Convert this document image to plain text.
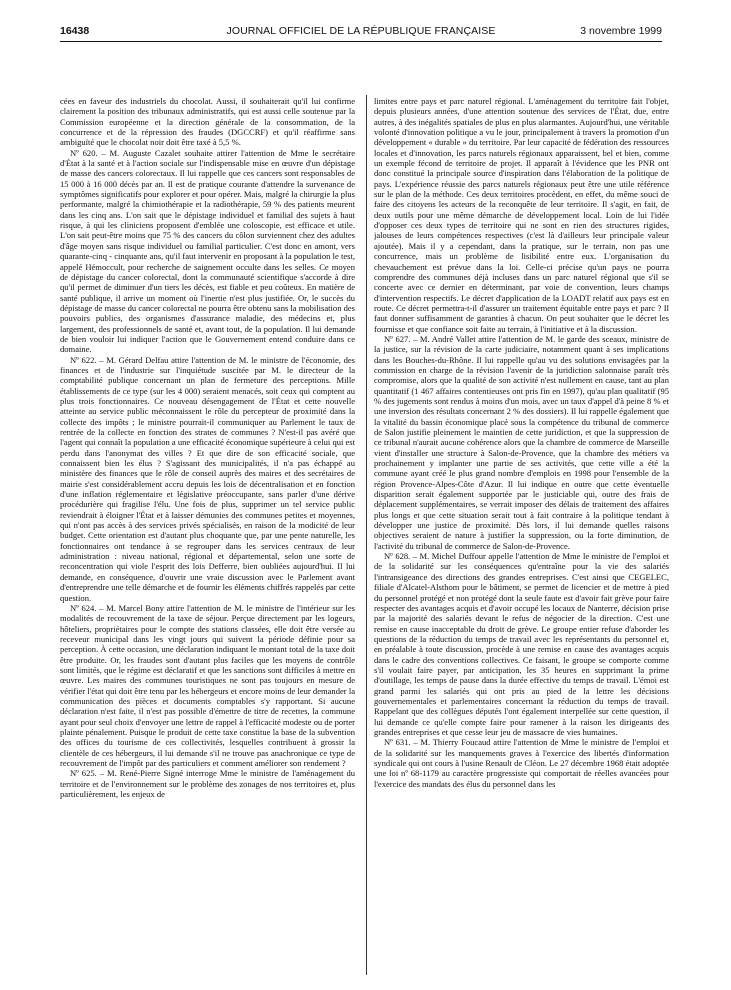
16438	JOURNAL OFFICIEL DE LA RÉPUBLIQUE FRANÇAISE	3 novembre 1999

cées en faveur des industriels du chocolat. Aussi, il souhaiterait qu'il lui confirme clairement la position des tribunaux administratifs, qui est aussi celle soutenue par la Commission européenne et la direction générale de la consommation, de la concurrence et de la répression des fraudes (DGCCRF) et qu'il réaffirme sans ambiguïté que le chocolat noir doit être taxé à 5,5 %.

Nº 620. – M. Auguste Cazalet souhaite attirer l'attention de Mme le secrétaire d'État à la santé et à l'action sociale sur l'indispensable mise en œuvre d'un dépistage de masse des cancers colorectaux. Il lui rappelle que ces cancers sont responsables de 15 000 à 16 000 décès par an. Il est de pratique courante d'attendre la survenance de symptômes significatifs pour explorer et pour opérer. Mais, malgré la chirurgie la plus performante, malgré la chimiothérapie et la radiothérapie, 59 % des patients meurent dans les cinq ans. L'on sait que le dépistage individuel et familial des sujets à haut risque, à qui les cliniciens proposent d'emblée une coloscopie, est efficace et utile. L'on sait peut-être moins que 75 % des cancers du côlon surviennent chez des adultes d'âge moyen sans risque individuel ou familial particulier. C'est donc en amont, vers quarante-cinq - cinquante ans, qu'il faut intervenir en proposant à la population le test, appelé Hémoccult, pour recherche de saignement occulte dans les selles. Ce moyen de dépistage du cancer colorectal, dont la communauté scientifique s'accorde à dire qu'il permet de diminuer d'un tiers les décès, est fiable et peu coûteux. En matière de santé publique, il arrive un moment où l'inertie n'est plus justifiée. Or, le succès du dépistage de masse du cancer colorectal ne pourra être obtenu sans la mobilisation des pouvoirs publics, des organismes d'assurance maladie, des médecins et, plus largement, des professionnels de santé et, avant tout, de la population. Il lui demande de bien vouloir lui indiquer l'action que le Gouvernement entend conduire dans ce domaine.

Nº 622. – M. Gérard Delfau attire l'attention de M. le ministre de l'économie, des finances et de l'industrie sur l'inquiétude suscitée par M. le directeur de la comptabilité publique concernant un plan de fermeture des perceptions. Mille établissements de ce type (sur les 4 000) seraient menacés, soit ceux qui comptent au plus trois fonctionnaires. Ce nouveau désengagement de l'État et cette nouvelle atteinte au service public méconnaissent le rôle du percepteur de proximité dans la collecte des impôts ; le ministre pourrait-il communiquer au Parlement le taux de rentrée de la collecte en fonction des strates de communes ? N'est-il pas avéré que l'agent qui connaît la population a une efficacité économique supérieure à celui qui est perdu dans l'anonymat des villes ? Et que dire de son efficacité sociale, que connaissent bien les élus ? S'agissant des municipalités, il n'a pas échappé au ministère des finances que le rôle de conseil auprès des maires et des secrétaires de mairie s'est considérablement accru depuis les lois de décentralisation et en fonction d'une inflation réglementaire et législative préoccupante, sans parler d'une dérive procédurière qui fragilise l'élu. Une fois de plus, supprimer un tel service public reviendrait à éloigner l'État et à laisser démunies des communes petites et moyennes, qui n'ont pas accès à des services privés spécialisés, en raison de la modicité de leur budget. Cette orientation est d'autant plus choquante que, par une pente naturelle, les fonctionnaires ont tendance à se regrouper dans les services centraux de leur administration : niveau national, régional et départemental, selon une sorte de reconcentration qui viole l'esprit des lois Defferre, bien oubliées aujourd'hui. Il lui demande, en conséquence, d'ouvrir une vraie discussion avec le Parlement avant d'entreprendre une telle démarche et de fournir les éléments chiffrés rappelés par cette question.

Nº 624. – M. Marcel Bony attire l'attention de M. le ministre de l'intérieur sur les modalités de recouvrement de la taxe de séjour. Perçue directement par les logeurs, hôteliers, propriétaires pour le compte des stations classées, elle doit être versée au receveur municipal dans les vingt jours qui suivent la période définie pour sa perception. À cette occasion, une déclaration indiquant le montant total de la taxe doit être produite. Or, les fraudes sont d'autant plus faciles que les moyens de contrôle sont limités, que le régime est déclaratif et que les sanctions sont difficiles à mettre en œuvre. Les maires des communes touristiques ne sont pas toujours en mesure de vérifier l'état qui doit être tenu par les hébergeurs et encore moins de leur demander la communication des pièces et documents comptables s'y rapportant. Si aucune déclaration n'est faite, il n'est pas possible d'émettre de titre de recettes, la commune ayant pour seul choix d'envoyer une lettre de rappel à l'efficacité modeste ou de porter plainte pénalement. Puisque le produit de cette taxe constitue la base de la subvention des offices du tourisme de ces collectivités, lesquelles contribuent à grossir la clientèle de ces hébergeurs, il lui demande s'il ne trouve pas anachronique ce type de recouvrement de l'impôt par des particuliers et comment améliorer son rendement ?

Nº 625. – M. René-Pierre Signé interroge Mme le ministre de l'aménagement du territoire et de l'environnement sur le problème des zonages de nos territoires et, plus particulièrement, les enjeux de

limites entre pays et parc naturel régional. L'aménagement du territoire fait l'objet, depuis plusieurs années, d'une attention soutenue des services de l'État, due, entre autres, à des inégalités spatiales de plus en plus alarmantes. Aujourd'hui, une véritable volonté d'innovation politique a vu le jour, principalement à travers la promotion d'un développement « durable » du territoire. Par leur capacité de fédération des ressources locales et d'innovation, les parcs naturels régionaux apparaissent, bel et bien, comme un exemple fécond de territoire de projet. Il apparaît à l'évidence que les PNR ont donc constitué la principale source d'inspiration dans l'élaboration de la politique de pays. L'expérience réussie des parcs naturels régionaux peut être une utile référence sur le plan de la méthode. Ces deux territoires procèdent, en effet, du même souci de faire des citoyens les acteurs de la reconquête de leur territoire. Il s'agit, en fait, de deux outils pour une même démarche de développement local. Loin de lui l'idée d'opposer ces deux types de territoire qui ne sont en rien des structures rigides, jalouses de leurs compétences respectives (c'est là d'ailleurs leur principale valeur ajoutée). Mais il y a cependant, dans la pratique, sur le terrain, non pas une concurrence, mais un problème de lisibilité entre eux. L'organisation du chevauchement est prévue dans la loi. Celle-ci précise qu'un pays ne pourra comprendre des communes déjà incluses dans un parc naturel régional que s'il se concerte avec ce dernier en déterminant, par voie de convention, leurs champs d'intervention respectifs. Le décret d'application de la LOADT relatif aux pays est en route. Ce décret permettra-t-il d'assurer un traitement équitable entre pays et parc ? Il faut donner suffisamment de garanties à chacun. On peut souhaiter que le décret les fournisse et que confiance soit faite au terrain, à l'initiative et à la discussion.

Nº 627. – M. André Vallet attire l'attention de M. le garde des sceaux, ministre de la justice, sur la révision de la carte judiciaire, notamment quant à ses implications dans les Bouches-du-Rhône. Il lui rappelle qu'au vu des solutions envisagées par la commission en charge de la révision l'avenir de la juridiction salonnaise paraît très compromise, alors que la qualité de son activité n'est nullement en cause, tant au plan quantitatif (1 467 affaires contentieuses ont pris fin en 1997), qu'au plan qualitatif (95 % des jugements sont rendus à moins d'un mois, avec un taux d'appel d'à peine 8 % et une inversion des résultats concernant 2 % des dossiers). Il lui rappelle également que la vitalité du bassin économique placé sous la compétence du tribunal de commerce de Salon justifie pleinement le maintien de cette juridiction, et que la suppression de ce tribunal n'aurait aucune cohérence alors que la chambre de commerce de Marseille vient d'installer une structure à Salon-de-Provence, que la chambre des métiers va prochainement y implanter une partie de ses activités, que cette ville a été la commune ayant créé le plus grand nombre d'emplois en 1998 pour l'ensemble de la région Provence-Alpes-Côte d'Azur. Il lui indique en outre que cette éventuelle disparition serait également supportée par le justiciable qui, outre des frais de déplacement supplémentaires, se verrait imposer des délais de traitement des affaires plus longs et que cette situation serait tout à fait contraire à la politique tendant à développer une justice de proximité. Dès lors, il lui demande quelles raisons objectives seraient de nature à justifier la suppression, ou la forte diminution, de l'activité du tribunal de commerce de Salon-de-Provence.

Nº 628. – M. Michel Duffour appelle l'attention de Mme le ministre de l'emploi et de la solidarité sur les conséquences qu'entraîne pour la vie des salariés l'intransigeance des directions des grandes entreprises. C'est ainsi que CEGELEC, filiale d'Alcatel-Alsthom pour le bâtiment, se permet de licencier et de mettre à pied du personnel protégé et non protégé dont la seule faute est d'avoir fait grève pour faire respecter des avantages acquis et d'avoir occupé les locaux de Nanterre, décision prise par la majorité des salariés devant le refus de négocier de la direction. C'est une remise en cause inacceptable du droit de grève. Le groupe entier refuse d'aborder les questions de la réduction du temps de travail avec les représentants du personnel et, en préalable à toute discussion, procède à une remise en cause des avantages acquis dans le cadre des conventions collectives. Ce faisant, le groupe se comporte comme s'il voulait faire payer, par anticipation, les 35 heures en supprimant la prime d'outillage, les temps de pause dans la durée effective du temps de travail. L'émoi est grand parmi les salariés qui ont pris au pied de la lettre les décisions gouvernementales et parlementaires concernant la réduction du temps de travail. Rappelant que des collègues députés l'ont également interpellée sur cette question, il lui demande ce qu'elle compte faire pour ramener à la raison les dirigeants des grandes entreprises et que cesse leur jeu de massacre de vies humaines.

Nº 631. – M. Thierry Foucaud attire l'attention de Mme le ministre de l'emploi et de la solidarité sur les manquements graves à l'exercice des libertés d'information syndicale qui ont cours à l'usine Renault de Cléon. Le 27 décembre 1968 était adoptée une loi nº 68-1179 au caractère progressiste qui comportait de réelles avancées pour l'exercice des mandats des élus du personnel dans les
